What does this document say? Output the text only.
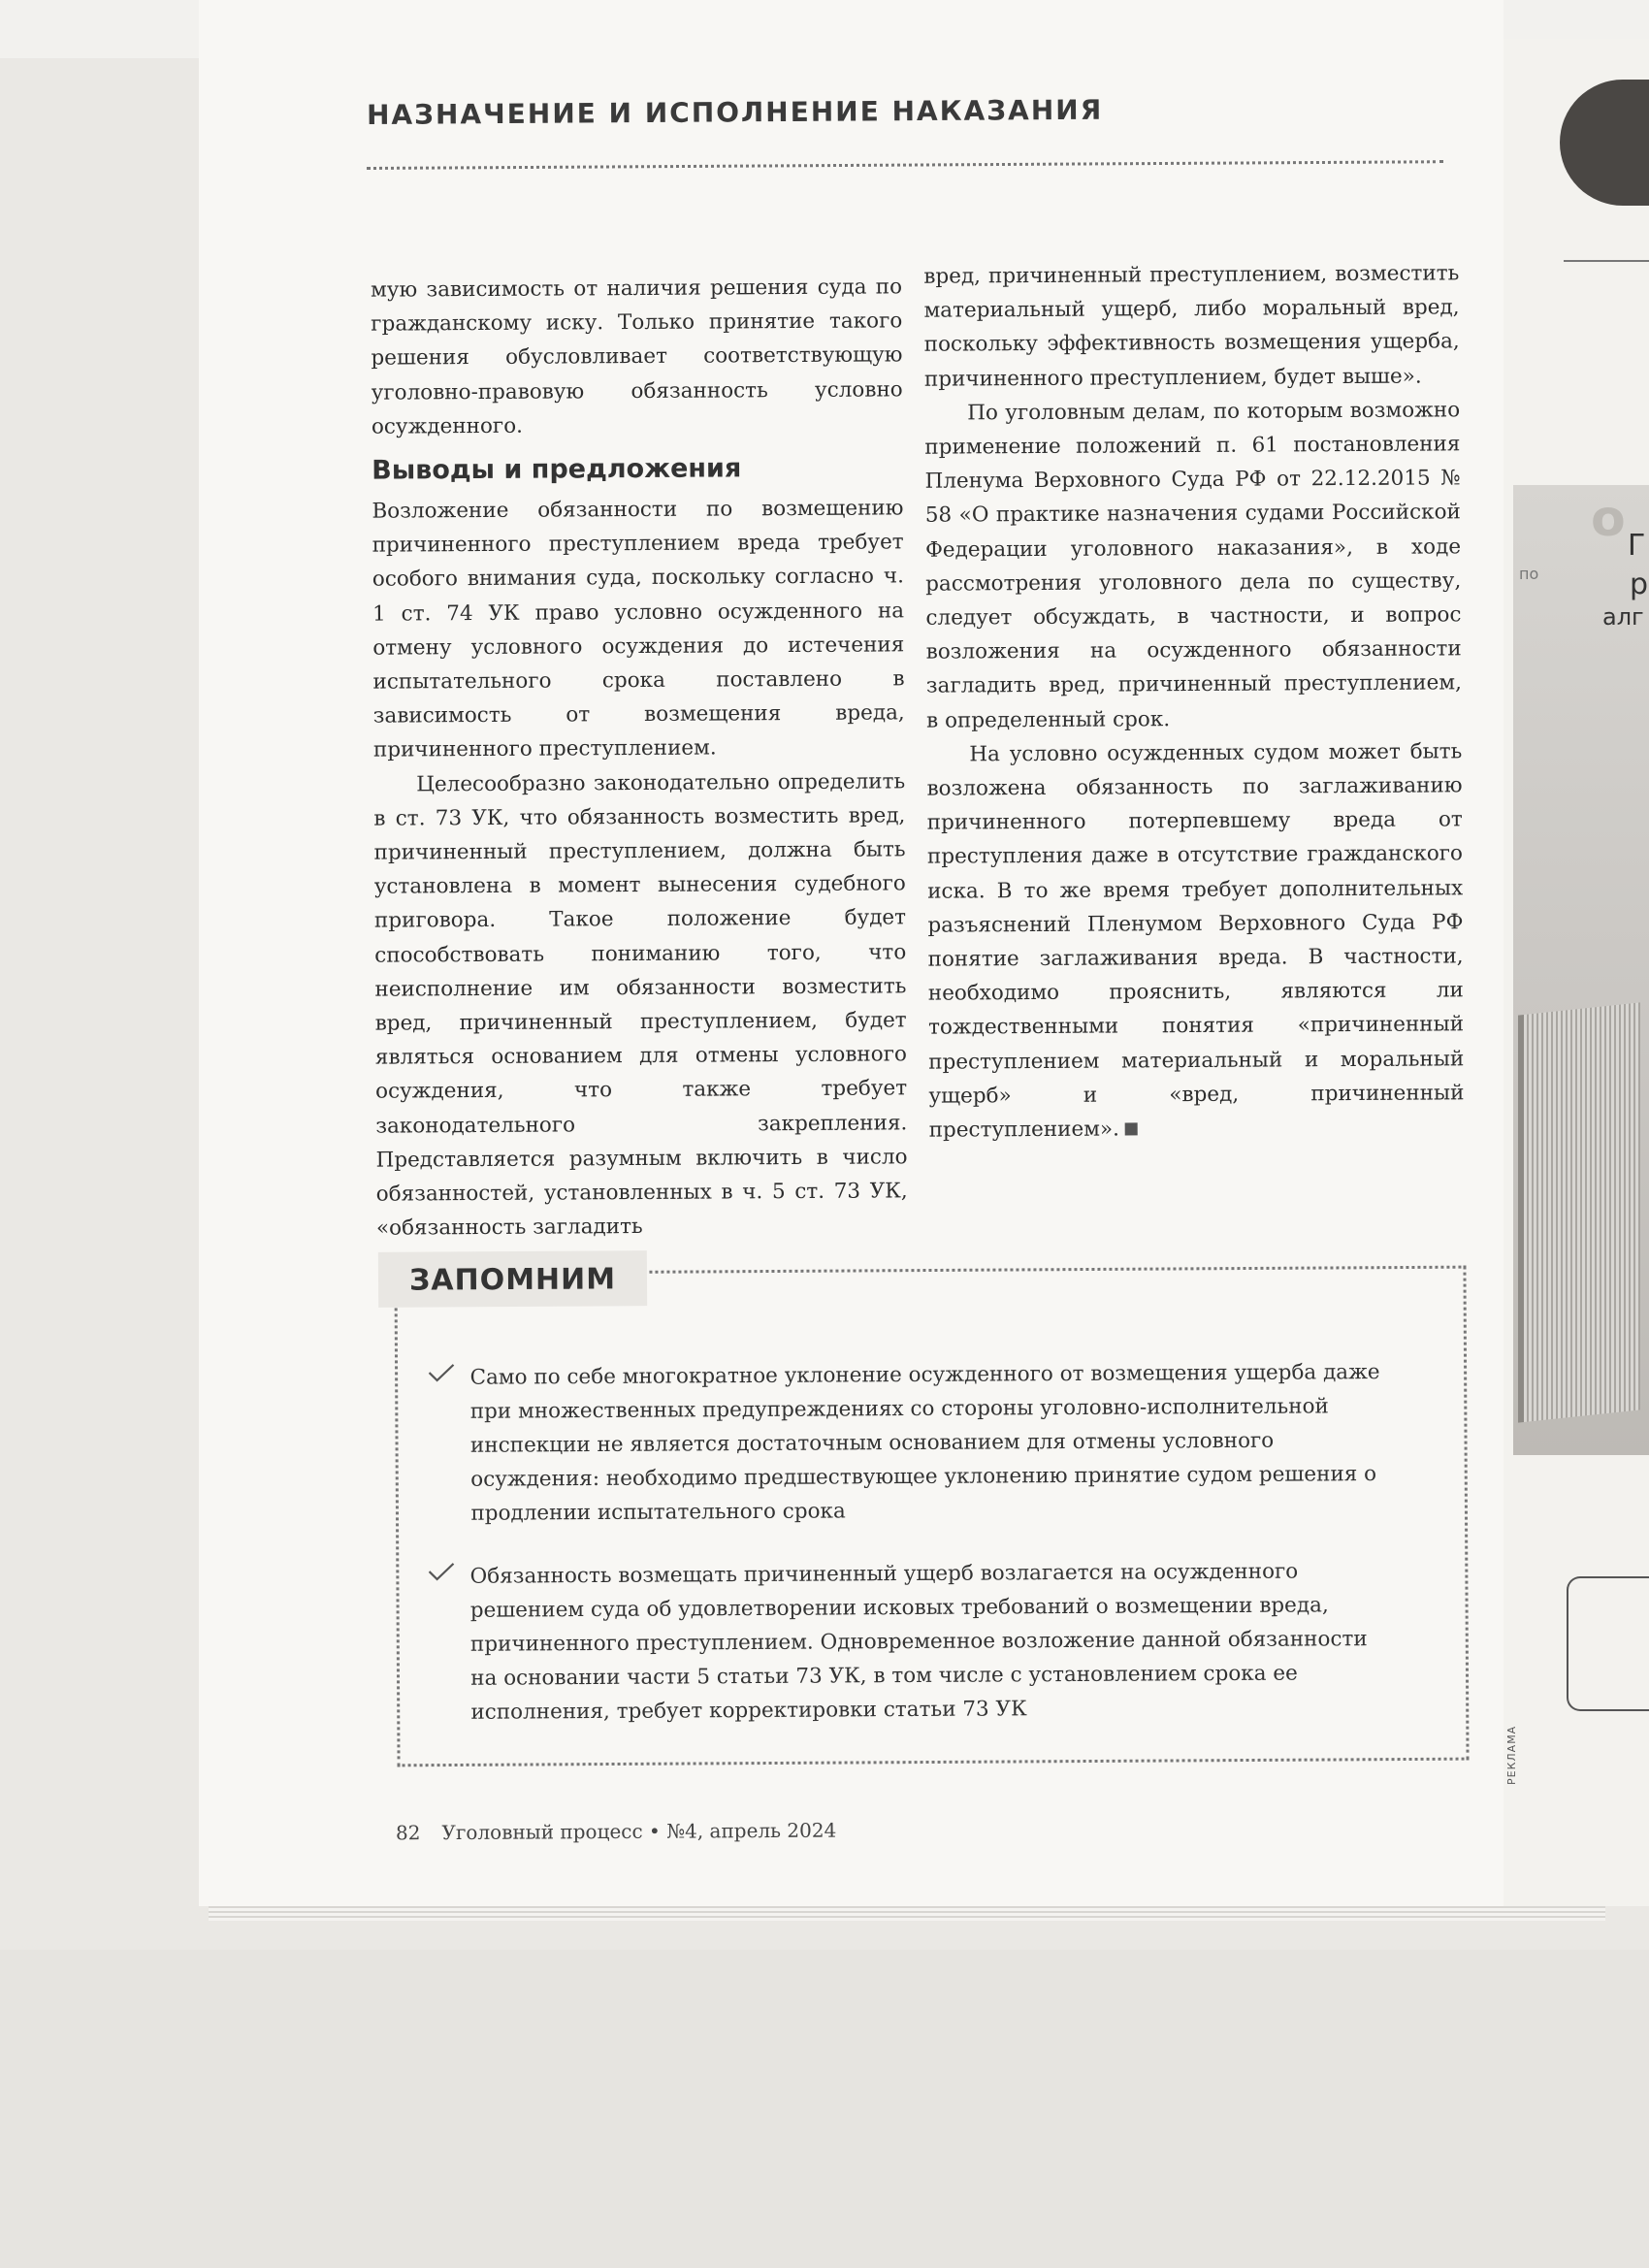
Г
р
алг
по
о
РЕКЛАМА
НАЗНАЧЕНИЕ И ИСПОЛНЕНИЕ НАКАЗАНИЯ

мую зависимость от наличия решения суда по гражданскому иску. Только принятие такого решения обусловливает соответствующую уголовно-правовую обязанность условно осужденного.

Выводы и предложения

Возложение обязанности по возмещению причиненного преступлением вреда требует особого внимания суда, поскольку согласно ч. 1 ст. 74 УК право условно осужденного на отмену условного осуждения до истечения испытательного срока поставлено в зависимость от возмещения вреда, причиненного преступлением.

Целесообразно законодательно определить в ст. 73 УК, что обязанность возместить вред, причиненный преступлением, должна быть установлена в момент вынесения судебного приговора. Такое положение будет способствовать пониманию того, что неисполнение им обязанности возместить вред, причиненный преступлением, будет являться основанием для отмены условного осуждения, что также требует законодательного закрепления. Представляется разумным включить в число обязанностей, установленных в ч. 5 ст. 73 УК, «обязанность загладить

вред, причиненный преступлением, возместить материальный ущерб, либо моральный вред, поскольку эффективность возмещения ущерба, причиненного преступлением, будет выше».

По уголовным делам, по которым возможно применение положений п. 61 постановления Пленума Верховного Суда РФ от 22.12.2015 № 58 «О практике назначения судами Российской Федерации уголовного наказания», в ходе рассмотрения уголовного дела по существу, следует обсуждать, в частности, и вопрос возложения на осужденного обязанности загладить вред, причиненный преступлением, в определенный срок.

На условно осужденных судом может быть возложена обязанность по заглаживанию причиненного потерпевшему вреда от преступления даже в отсутствие гражданского иска. В то же время требует дополнительных разъяснений Пленумом Верховного Суда РФ понятие заглаживания вреда. В частности, необходимо прояснить, являются ли тождественными понятия «причиненный преступлением материальный и моральный ущерб» и «вред, причиненный преступлением».

ЗАПОМНИМ
Само по себе многократное уклонение осужденного от возмещения ущерба даже при множественных предупреждениях со стороны уголовно-исполнительной инспекции не является достаточным основанием для отмены условного осуждения: необходимо предшествующее уклонению принятие судом решения о продлении испытательного срока
Обязанность возмещать причиненный ущерб возлагается на осужденного решением суда об удовлетворении исковых требований о возмещении вреда, причиненного преступлением. Одновременное возложение данной обязанности на основании части 5 статьи 73 УК, в том числе с установлением срока ее исполнения, требует корректировки статьи 73 УК
82 Уголовный процесс • №4, апрель 2024
